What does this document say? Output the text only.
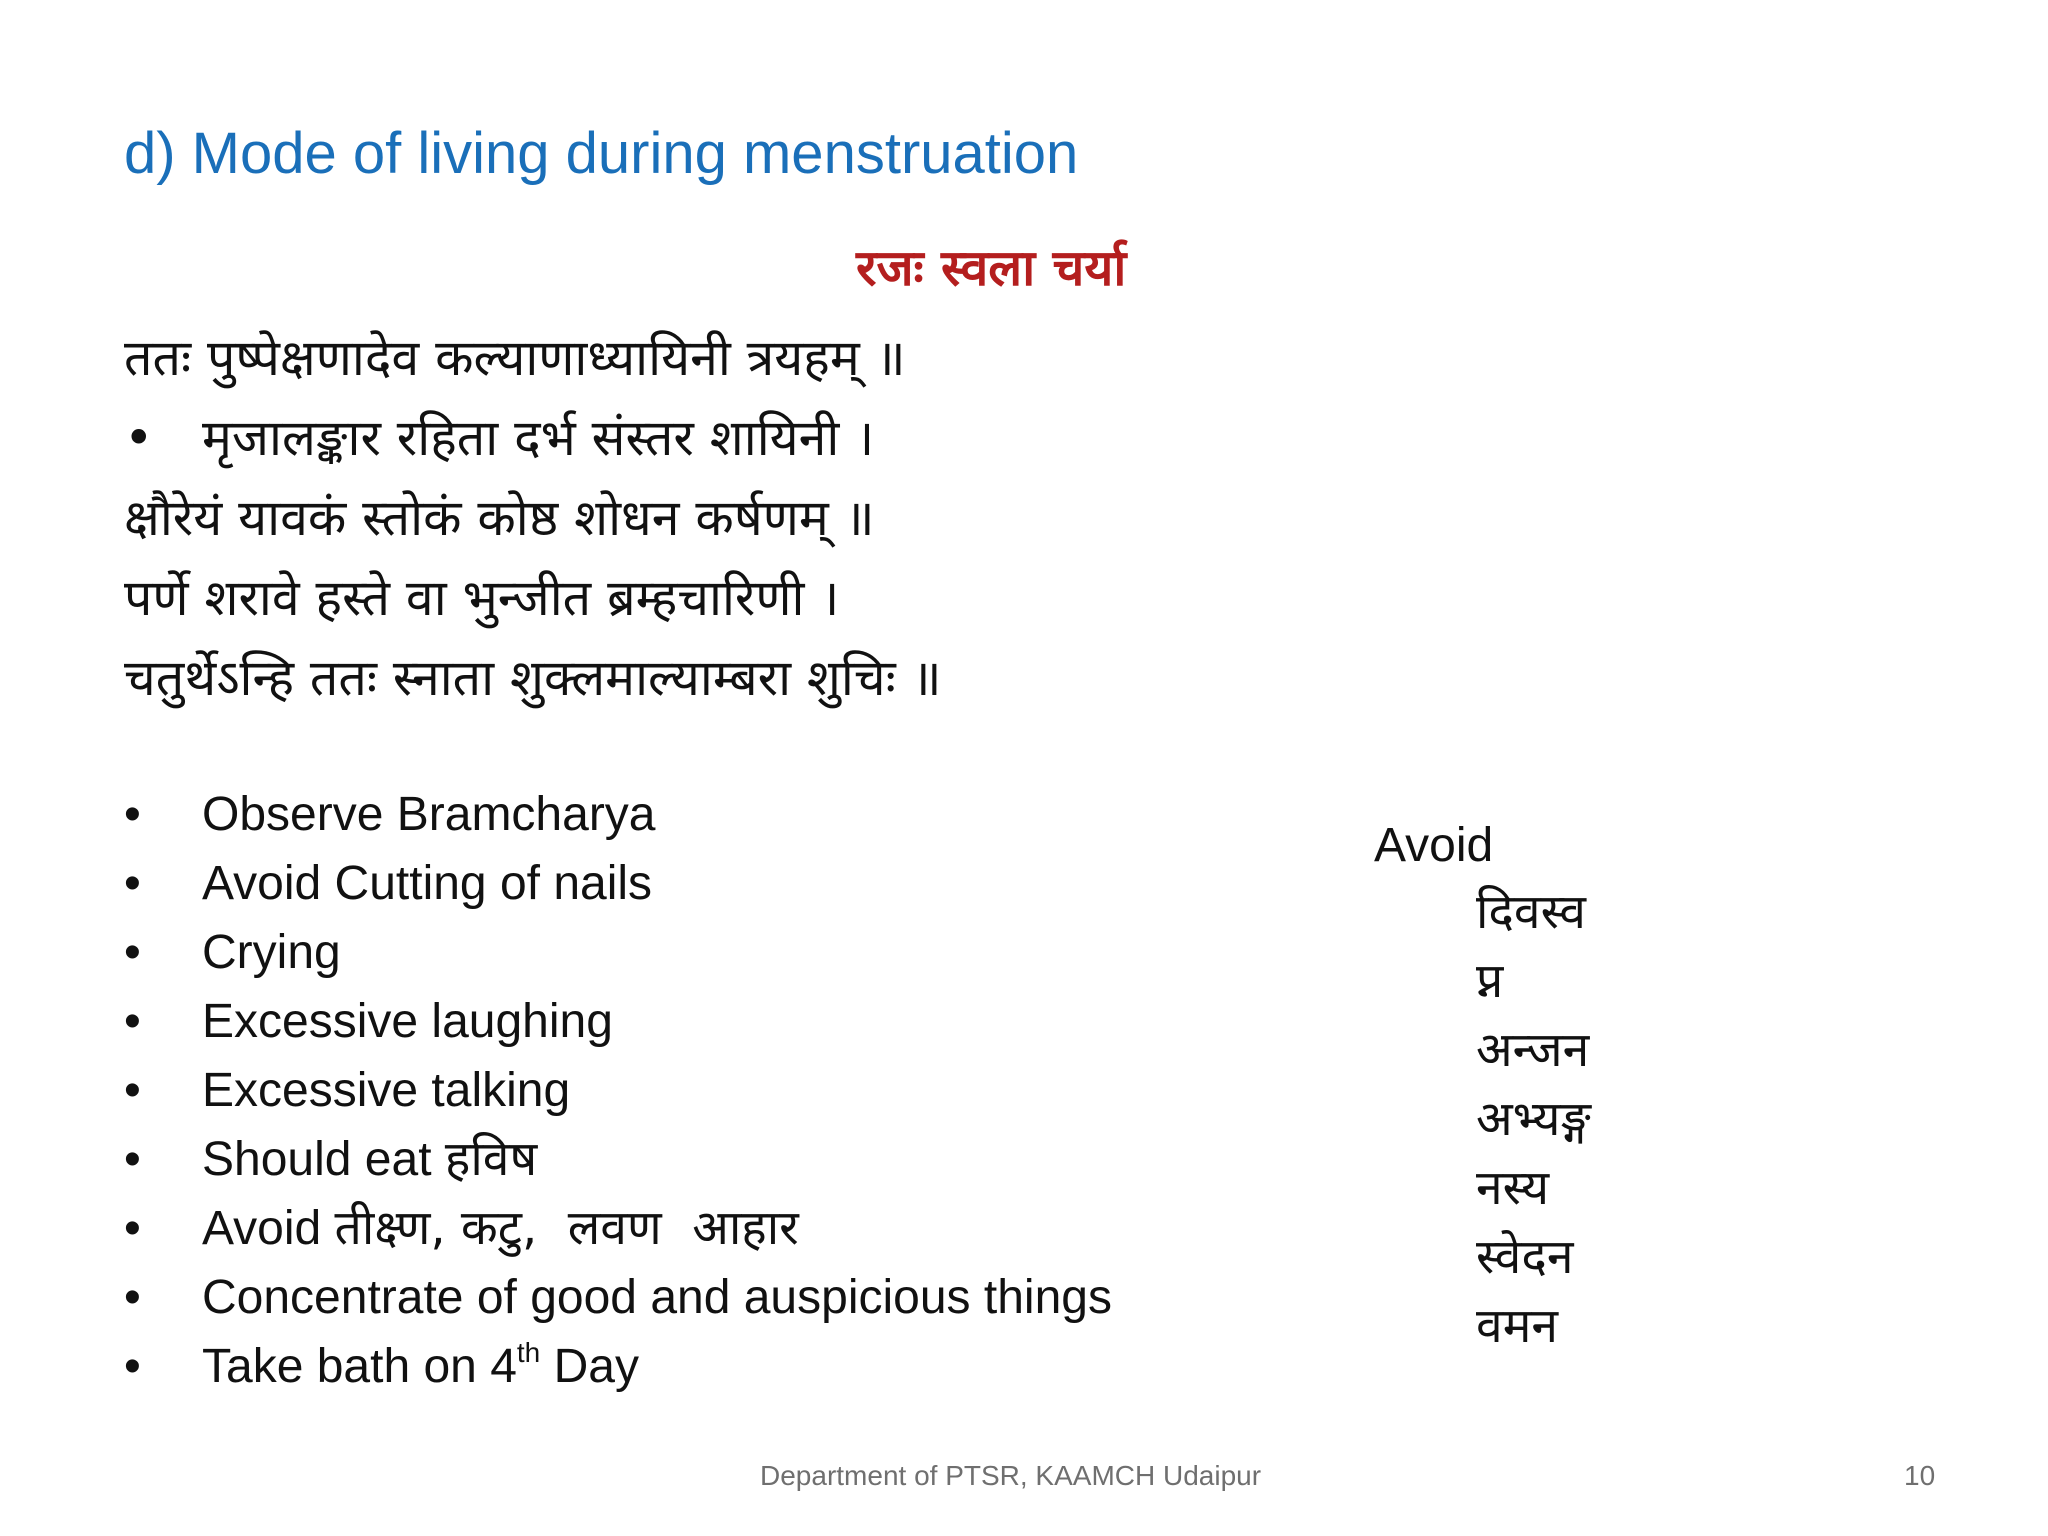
d) Mode of living during menstruation
रजः स्वला चर्या
ततः पुष्पेक्षणादेव कल्याणाध्यायिनी त्रयहम् ॥
• मृजालङ्कार रहिता दर्भ संस्तर शायिनी ।
क्षौरेयं यावकं स्तोकं कोष्ठ शोधन कर्षणम् ॥
पर्णे शरावे हस्ते वा भुन्जीत ब्रम्हचारिणी ।
चतुर्थेऽन्हि ततः स्नाता शुक्लमाल्याम्बरा शुचिः ॥
• Observe Bramcharya
• Avoid Cutting of nails
• Crying
• Excessive laughing
• Excessive talking
• Should eat हविष
• Avoid तीक्ष्ण, कटु,  लवण  आहार
• Concentrate of good and auspicious things
• Take bath on 4th Day
Avoid
दिवस्व
प्न
अन्जन
अभ्यङ्ग
नस्य
स्वेदन
वमन
Department of PTSR, KAAMCH Udaipur	10
